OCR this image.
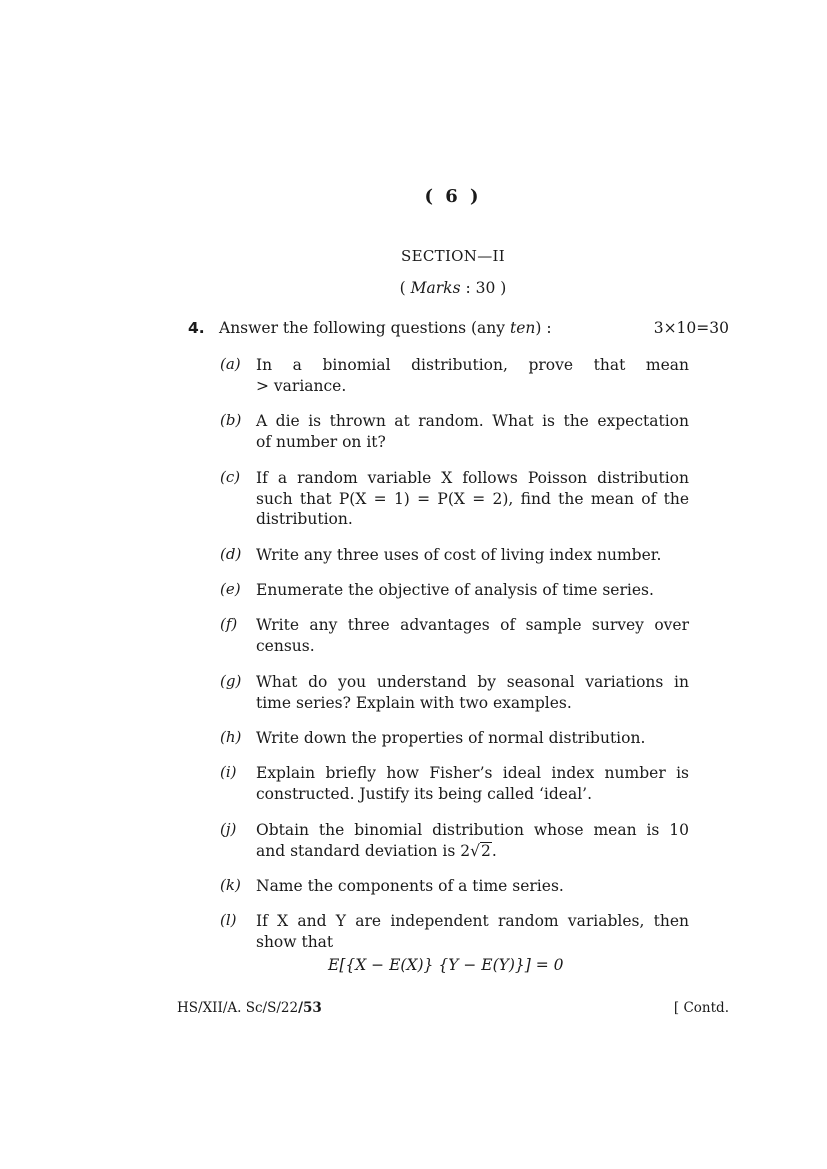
( 6 )
SECTION—II
( Marks : 30 )
4. Answer the following questions (any ten) :	3×10=30
(a) In a binomial distribution, prove that mean
> variance.
(b) A die is thrown at random. What is the expectation
of number on it?
(c) If a random variable X follows Poisson distribution
such that P(X = 1) = P(X = 2), find the mean of the
distribution.
(d) Write any three uses of cost of living index number.
(e) Enumerate the objective of analysis of time series.
(f) Write any three advantages of sample survey over
census.
(g) What do you understand by seasonal variations in
time series? Explain with two examples.
(h) Write down the properties of normal distribution.
(i) Explain briefly how Fisher’s ideal index number is
constructed. Justify its being called ‘ideal’.
(j) Obtain the binomial distribution whose mean is 10
and standard deviation is 2√2.
(k) Name the components of a time series.
(l) If X and Y are independent random variables, then
show that
E[{X − E(X)} {Y − E(Y)}] = 0
HS/XII/A. Sc/S/22/53	[ Contd.
